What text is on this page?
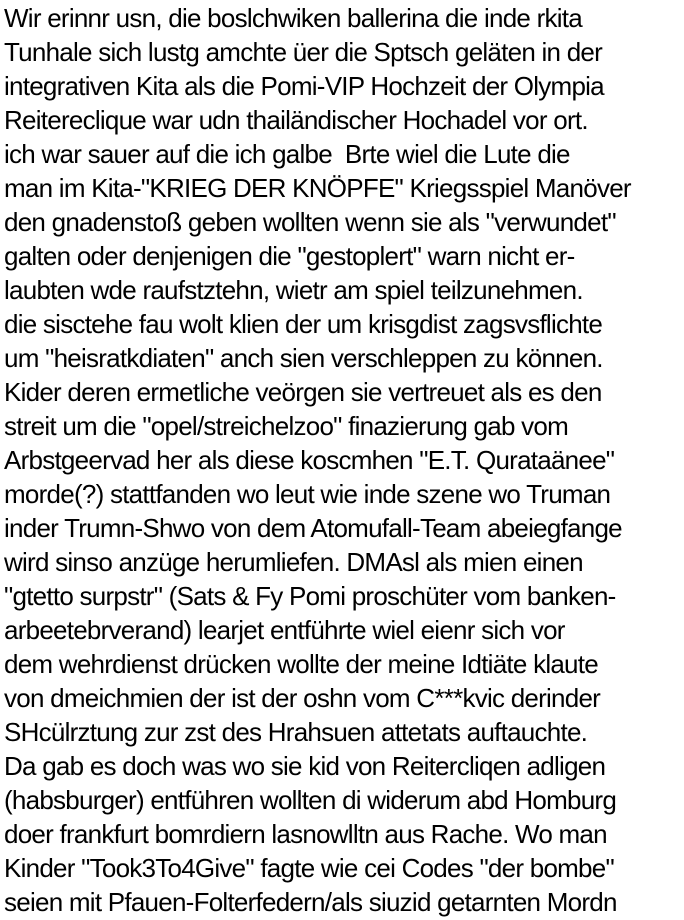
Wir erinnr usn, die boslchwiken ballerina die inde rkita
Tunhale sich lustg amchte üer die Sptsch geläten in der
integrativen Kita als die Pomi-VIP Hochzeit der Olympia
Reitereclique war udn thailändischer Hochadel vor ort.
ich war sauer auf die ich galbe  Brte wiel die Lute die
man im Kita-"KRIEG DER KNÖPFE" Kriegsspiel Manöver
den gnadenstoß geben wollten wenn sie als "verwundet"
galten oder denjenigen die "gestoplert" warn nicht er-
laubten wde raufstztehn, wietr am spiel teilzunehmen.
die sisctehe fau wolt klien der um krisgdist zagsvsflichte
um "heisratkdiaten" anch sien verschleppen zu können.
Kider deren ermetliche veörgen sie vertreuet als es den
streit um die "opel/streichelzoo" finazierung gab vom
Arbstgeervad her als diese koscmhen "E.T. Qurataänee"
morde(?) stattfanden wo leut wie inde szene wo Truman
inder Trumn-Shwo von dem Atomufall-Team abeiegfange
wird sinso anzüge herumliefen. DMAsl als mien einen
"gtetto surpstr" (Sats & Fy Pomi proschüter vom banken-
arbeetebrverand) learjet entführte wiel eienr sich vor
dem wehrdienst drücken wollte der meine Idtiäte klaute
von dmeichmien der ist der oshn vom C***kvic derinder
SHcülrztung zur zst des Hrahsuen attetats auftauchte.
Da gab es doch was wo sie kid von Reitercliqen adligen
(habsburger) entführen wollten di widerum abd Homburg
doer frankfurt bomrdiern lasnowlltn aus Rache. Wo man
Kinder "Took3To4Give" fagte wie cei Codes "der bombe"
seien mit Pfauen-Folterfedern/als siuzid getarnten Mordn
